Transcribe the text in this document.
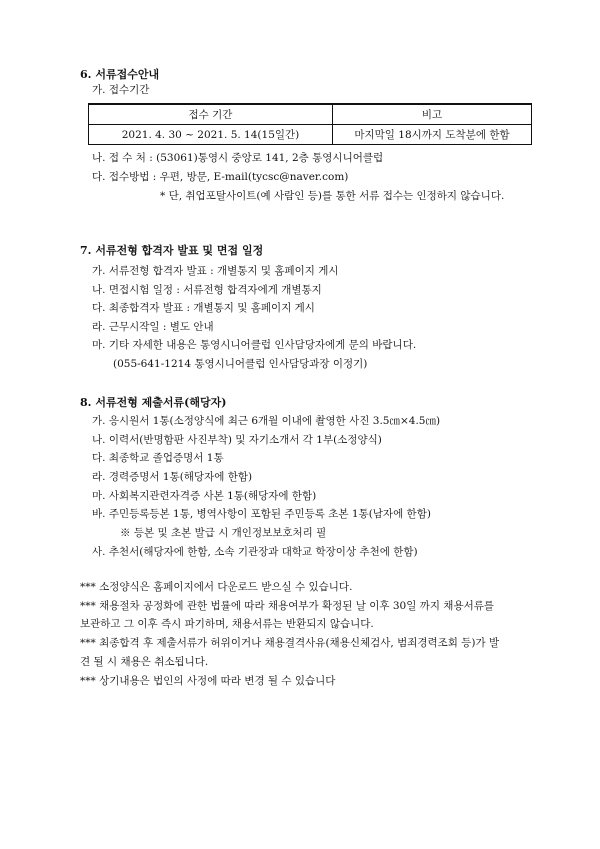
6. 서류접수안내
가. 접수기간
접수 기간	비고
2021. 4. 30 ~ 2021. 5. 14(15일간)	마지막일 18시까지 도착분에 한함
나. 접 수 처 : (53061)통영시 중앙로 141, 2층 통영시니어클럽
다. 접수방법 : 우편, 방문, E-mail(tycsc@naver.com)
* 단, 취업포탈사이트(예 사람인 등)를 통한 서류 접수는 인정하지 않습니다.
7. 서류전형 합격자 발표 및 면접 일정
가. 서류전형 합격자 발표 : 개별통지 및 홈페이지 게시
나. 면접시험 일정 : 서류전형 합격자에게 개별통지
다. 최종합격자 발표 : 개별통지 및 홈페이지 게시
라. 근무시작일 : 별도 안내
마. 기타 자세한 내용은 통영시니어클럽 인사담당자에게 문의 바랍니다.
(055-641-1214 통영시니어클럽 인사담당과장 이정기)
8. 서류전형 제출서류(해당자)
가. 응시원서 1통(소정양식에 최근 6개월 이내에 촬영한 사진 3.5㎝×4.5㎝)
나. 이력서(반명함판 사진부착) 및 자기소개서 각 1부(소정양식)
다. 최종학교 졸업증명서 1통
라. 경력증명서 1통(해당자에 한함)
마. 사회복지관련자격증 사본 1통(해당자에 한함)
바. 주민등록등본 1통, 병역사항이 포함된 주민등록 초본 1통(남자에 한함)
※ 등본 및 초본 발급 시 개인정보보호처리 필
사. 추천서(해당자에 한함, 소속 기관장과 대학교 학장이상 추천에 한함)
*** 소정양식은 홈페이지에서 다운로드 받으실 수 있습니다.
*** 채용절차 공정화에 관한 법률에 따라 채용여부가 확정된 날 이후 30일 까지 채용서류를
보관하고 그 이후 즉시 파기하며, 채용서류는 반환되지 않습니다.
*** 최종합격 후 제출서류가 허위이거나 채용결격사유(채용신체검사, 범죄경력조회 등)가 발
견 될 시 채용은 취소됩니다.
*** 상기내용은 법인의 사정에 따라 변경 될 수 있습니다
